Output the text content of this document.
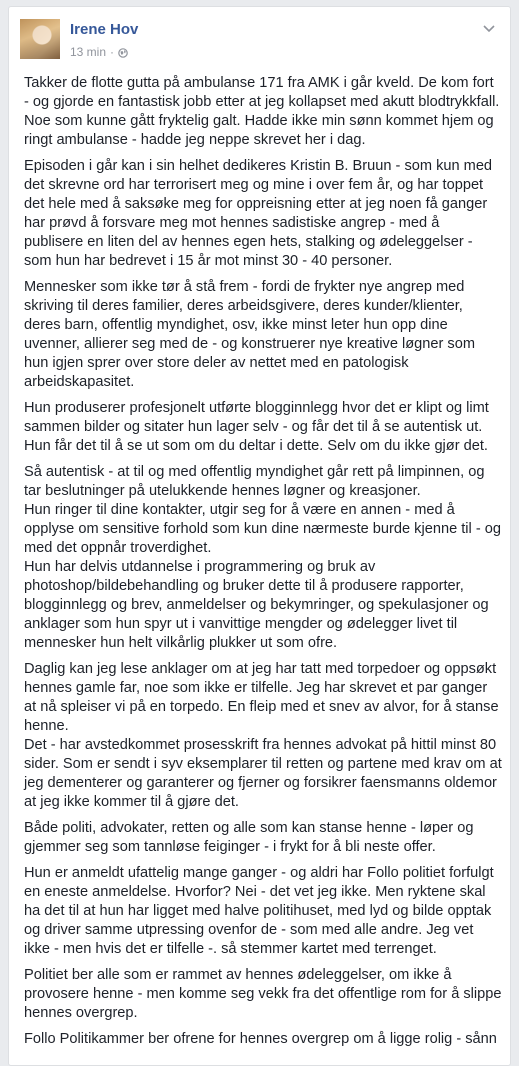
Irene Hov
13 min ·

Takker de flotte gutta på ambulanse 171 fra AMK i går kveld. De kom fort - og gjorde en fantastisk jobb etter at jeg kollapset med akutt blodtrykkfall. Noe som kunne gått fryktelig galt. Hadde ikke min sønn kommet hjem og ringt ambulanse - hadde jeg neppe skrevet her i dag.

Episoden i går kan i sin helhet dedikeres Kristin B. Bruun - som kun med det skrevne ord har terrorisert meg og mine i over fem år, og har toppet det hele med å saksøke meg for oppreisning etter at jeg noen få ganger har prøvd å forsvare meg mot hennes sadistiske angrep - med å publisere en liten del av hennes egen hets, stalking og ødeleggelser - som hun har bedrevet i 15 år mot minst 30 - 40 personer.

Mennesker som ikke tør å stå frem - fordi de frykter nye angrep med skriving til deres familier, deres arbeidsgivere, deres kunder/klienter, deres barn, offentlig myndighet, osv, ikke minst leter hun opp dine uvenner, allierer seg med de - og konstruerer nye kreative løgner som hun igjen sprer over store deler av nettet med en patologisk arbeidskapasitet.

Hun produserer profesjonelt utførte blogginnlegg hvor det er klipt og limt sammen bilder og sitater hun lager selv - og får det til å se autentisk ut. Hun får det til å se ut som om du deltar i dette. Selv om du ikke gjør det.

Så autentisk - at til og med offentlig myndighet går rett på limpinnen, og tar beslutninger på utelukkende hennes løgner og kreasjoner.
Hun ringer til dine kontakter, utgir seg for å være en annen - med å opplyse om sensitive forhold som kun dine nærmeste burde kjenne til - og med det oppnår troverdighet.
Hun har delvis utdannelse i programmering og bruk av photoshop/bildebehandling og bruker dette til å produsere rapporter, blogginnlegg og brev, anmeldelser og bekymringer, og spekulasjoner og anklager som hun spyr ut i vanvittige mengder og ødelegger livet til mennesker hun helt vilkårlig plukker ut som ofre.

Daglig kan jeg lese anklager om at jeg har tatt med torpedoer og oppsøkt hennes gamle far, noe som ikke er tilfelle. Jeg har skrevet et par ganger at nå spleiser vi på en torpedo. En fleip med et snev av alvor, for å stanse henne.
Det - har avstedkommet prosesskrift fra hennes advokat på hittil minst 80 sider. Som er sendt i syv eksemplarer til retten og partene med krav om at jeg dementerer og garanterer og fjerner og forsikrer faensmanns oldemor at jeg ikke kommer til å gjøre det.

Både politi, advokater, retten og alle som kan stanse henne - løper og gjemmer seg som tannløse feiginger - i frykt for å bli neste offer.

Hun er anmeldt ufattelig mange ganger - og aldri har Follo politiet forfulgt en eneste anmeldelse. Hvorfor? Nei - det vet jeg ikke. Men ryktene skal ha det til at hun har ligget med halve politihuset, med lyd og bilde opptak og driver samme utpressing ovenfor de - som med alle andre. Jeg vet ikke - men hvis det er tilfelle -. så stemmer kartet med terrenget.

Politiet ber alle som er rammet av hennes ødeleggelser, om ikke å provosere henne - men komme seg vekk fra det offentlige rom for å slippe hennes overgrep.

Follo Politikammer ber ofrene for hennes overgrep om å ligge rolig - sånn
